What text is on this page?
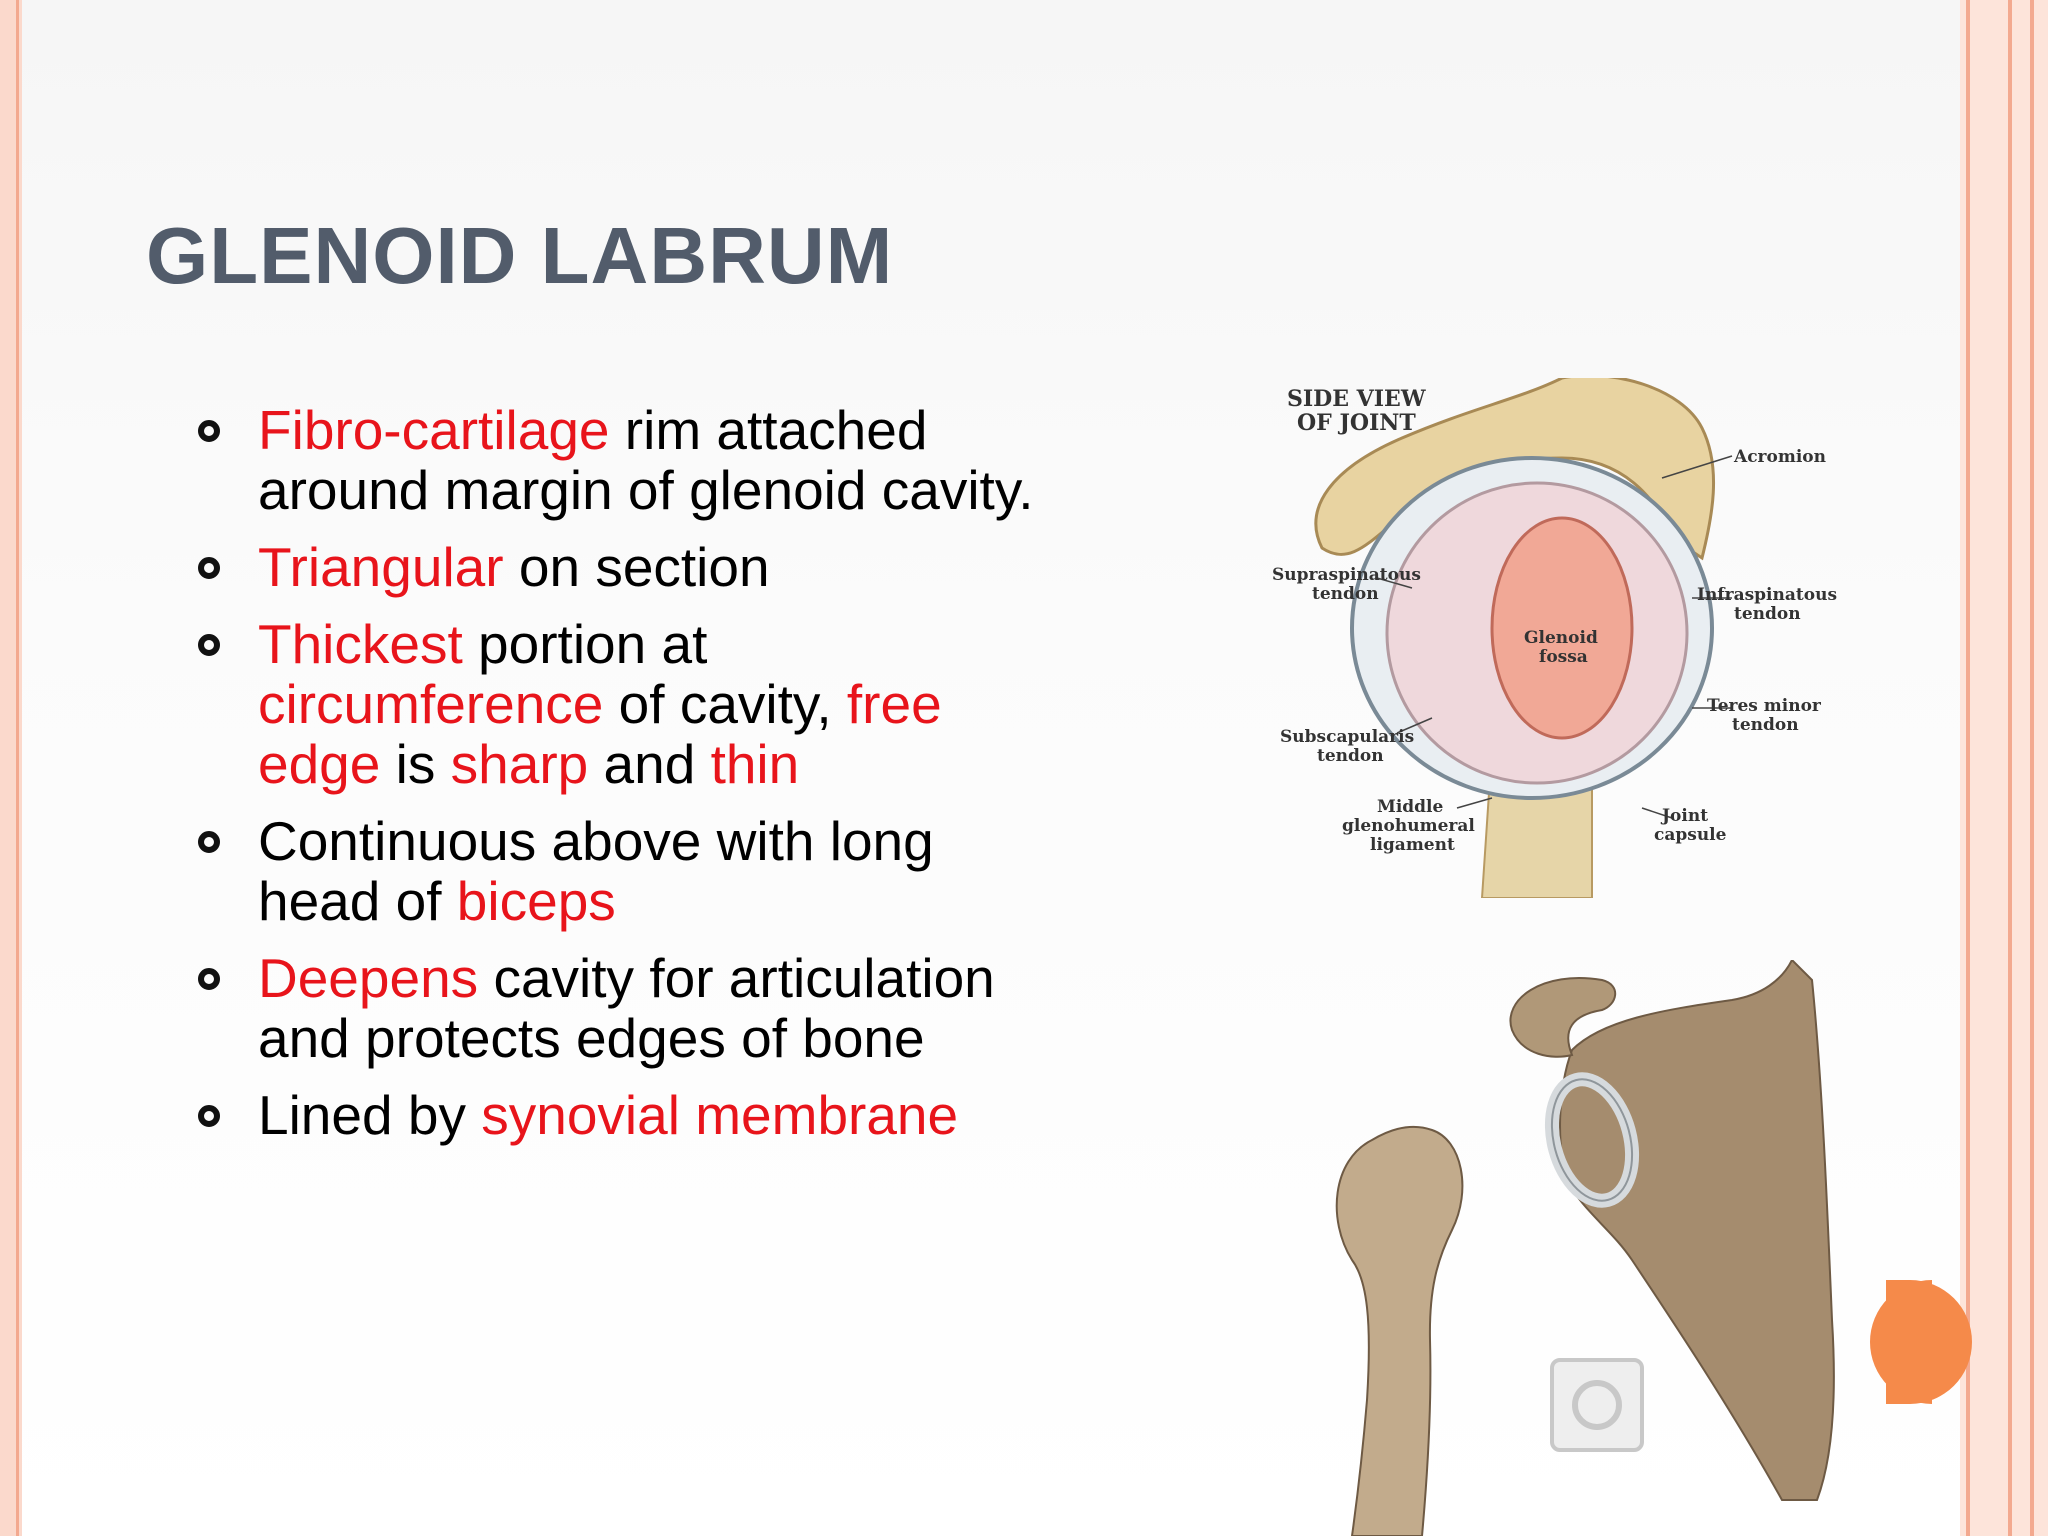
GLENOID LABRUM
Fibro-cartilage rim attached around margin of glenoid cavity.
Triangular on section
Thickest portion at circumference of cavity, free edge is sharp and thin
Continuous above with long head of biceps
Deepens cavity for articulation and protects edges of bone
Lined by synovial membrane
SIDE VIEW
OF JOINT
Acromion
Supraspinatous
tendon	Infraspinatous
tendon
Glenoid
fossa
Teres minor
tendon
Subscapularis
tendon
Middle
glenohumeral
ligament
Joint
capsule
